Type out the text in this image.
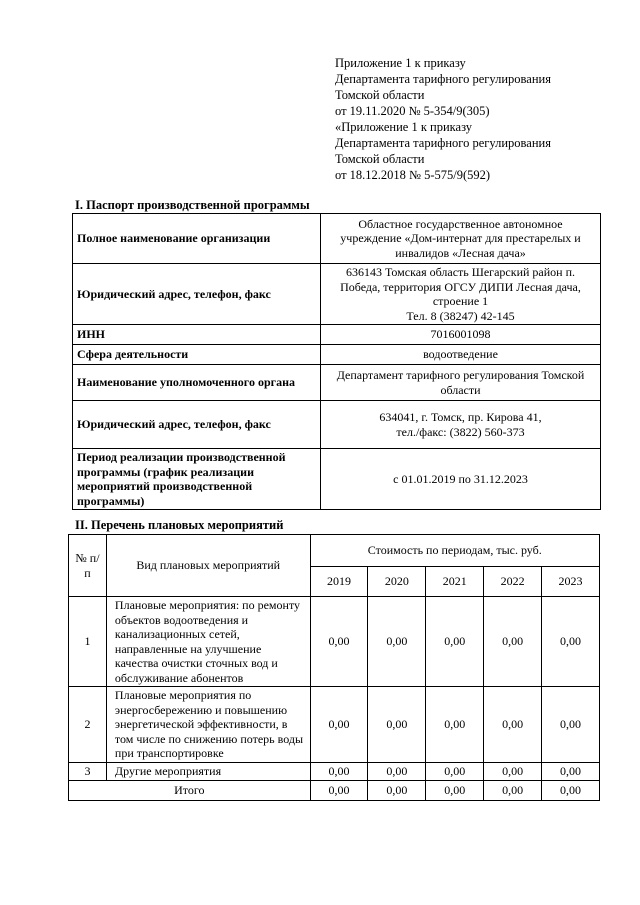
Приложение 1 к приказу
Департамента тарифного регулирования
Томской области
от 19.11.2020 № 5-354/9(305)
«Приложение 1 к приказу
Департамента тарифного регулирования
Томской области
от 18.12.2018 № 5-575/9(592)
I. Паспорт производственной программы
Полное наименование организации	Областное государственное автономное
учреждение «Дом-интернат для престарелых и
инвалидов «Лесная дача»

Юридический адрес, телефон, факс	636143 Томская область Шегарский район п.
Победа, территория ОГСУ ДИПИ Лесная дача,
строение 1
Тел. 8 (38247) 42-145

ИНН	7016001098

Сфера деятельности	водоотведение

Наименование уполномоченного органа	Департамент тарифного регулирования Томской
области

Юридический адрес, телефон, факс	634041, г. Томск, пр. Кирова 41,
тел./факс: (3822) 560-373

Период реализации производственной программы (график реализации мероприятий производственной программы)	с 01.01.2019 по 31.12.2023
II. Перечень плановых мероприятий
№ п/п	Вид плановых мероприятий	Стоимость по периодам, тыс. руб.				
		2019	2020	2021	2022	2023
1	Плановые мероприятия: по ремонту объектов водоотведения и канализационных сетей, направленные на улучшение качества очистки сточных вод и обслуживание абонентов	0,00	0,00	0,00	0,00	0,00
2	Плановые мероприятия по энергосбережению и повышению энергетической эффективности, в том числе по снижению потерь воды при транспортировке	0,00	0,00	0,00	0,00	0,00
3	Другие мероприятия	0,00	0,00	0,00	0,00	0,00
Итого		0,00	0,00	0,00	0,00	0,00
